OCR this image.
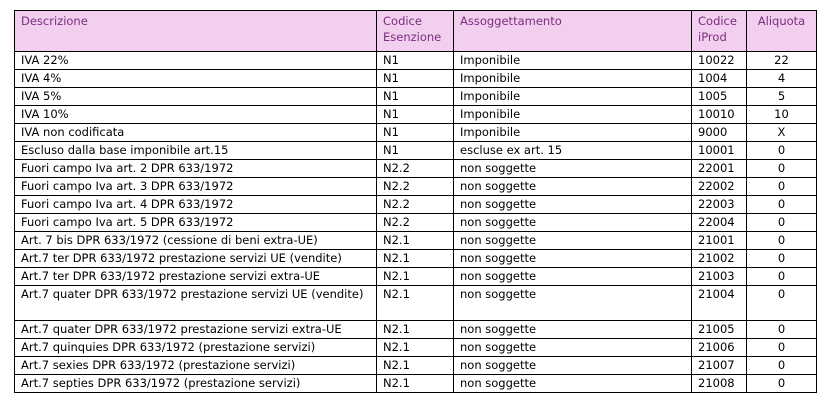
Descrizione	Codice Esenzione	Assoggettamento	Codice iProd	Aliquota
IVA 22%	N1	Imponibile	10022	22
IVA 4%	N1	Imponibile	1004	4
IVA 5%	N1	Imponibile	1005	5
IVA 10%	N1	Imponibile	10010	10
IVA non codificata	N1	Imponibile	9000	X
Escluso dalla base imponibile art.15	N1	escluse ex art. 15	10001	0
Fuori campo Iva art. 2 DPR 633/1972	N2.2	non soggette	22001	0
Fuori campo Iva art. 3 DPR 633/1972	N2.2	non soggette	22002	0
Fuori campo Iva art. 4 DPR 633/1972	N2.2	non soggette	22003	0
Fuori campo Iva art. 5 DPR 633/1972	N2.2	non soggette	22004	0
Art. 7 bis DPR 633/1972 (cessione di beni extra-UE)	N2.1	non soggette	21001	0
Art.7 ter DPR 633/1972 prestazione servizi UE (vendite)	N2.1	non soggette	21002	0
Art.7 ter DPR 633/1972 prestazione servizi extra-UE	N2.1	non soggette	21003	0
Art.7 quater DPR 633/1972 prestazione servizi UE (vendite)	N2.1	non soggette	21004	0
Art.7 quater DPR 633/1972 prestazione servizi extra-UE	N2.1	non soggette	21005	0
Art.7 quinquies DPR 633/1972 (prestazione servizi)	N2.1	non soggette	21006	0
Art.7 sexies DPR 633/1972 (prestazione servizi)	N2.1	non soggette	21007	0
Art.7 septies DPR 633/1972 (prestazione servizi)	N2.1	non soggette	21008	0
